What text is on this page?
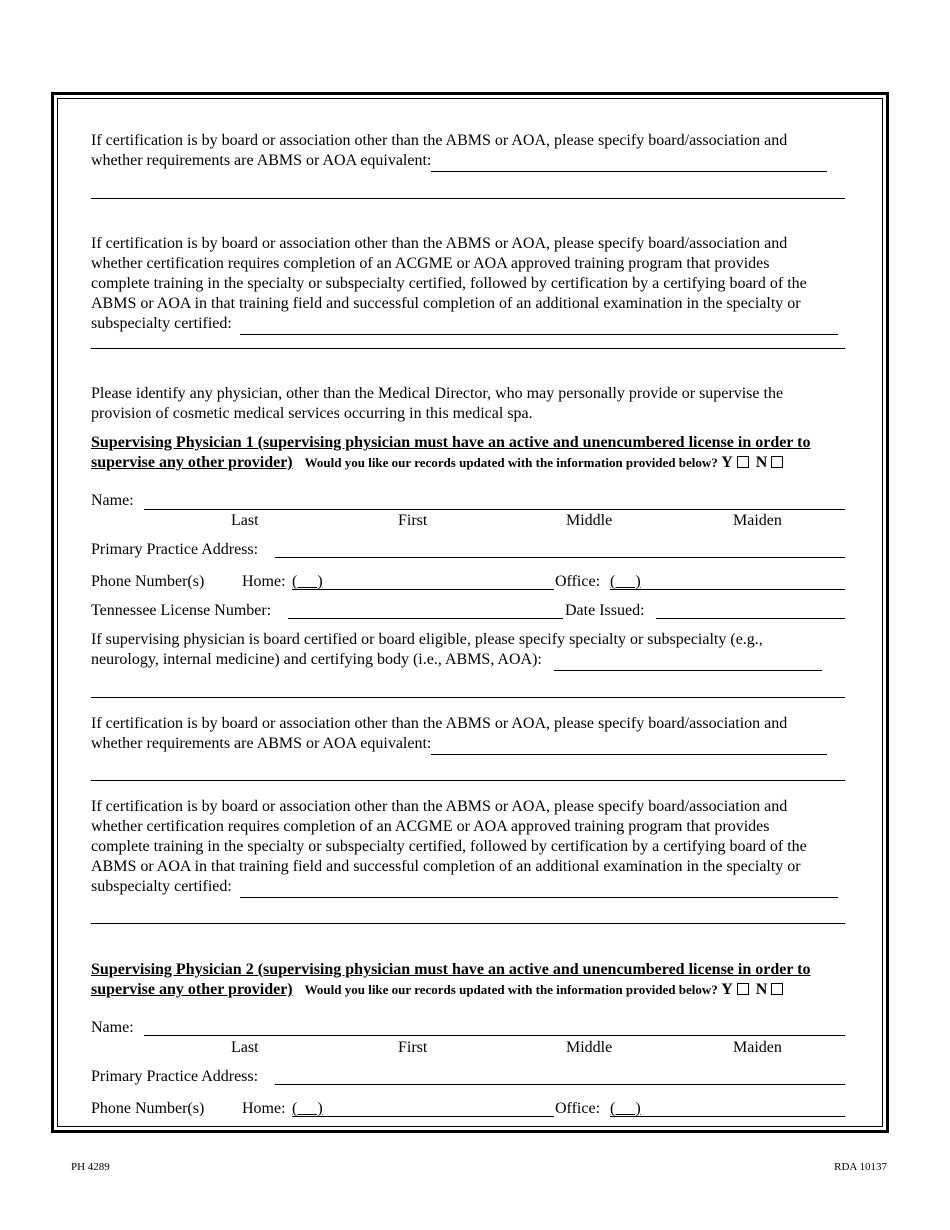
If certification is by board or association other than the ABMS or AOA, please specify board/association and
whether requirements are ABMS or AOA equivalent:
If certification is by board or association other than the ABMS or AOA, please specify board/association and
whether certification requires completion of an ACGME or AOA approved training program that provides
complete training in the specialty or subspecialty certified, followed by certification by a certifying board of the
ABMS or AOA in that training field and successful completion of an additional examination in the specialty or
subspecialty certified:
Please identify any physician, other than the Medical Director, who may personally provide or supervise the
provision of cosmetic medical services occurring in this medical spa.
Supervising Physician 1 (supervising physician must have an active and unencumbered license in order to
supervise any other provider) Would you like our records updated with the information provided below? Y N
Name:
Last	First	Middle	Maiden
Primary Practice Address:
Phone Number(s) Home: (     )	Office: (     )
Tennessee License Number:	Date Issued:
If supervising physician is board certified or board eligible, please specify specialty or subspecialty (e.g.,
neurology, internal medicine) and certifying body (i.e., ABMS, AOA):
If certification is by board or association other than the ABMS or AOA, please specify board/association and
whether requirements are ABMS or AOA equivalent:
If certification is by board or association other than the ABMS or AOA, please specify board/association and
whether certification requires completion of an ACGME or AOA approved training program that provides
complete training in the specialty or subspecialty certified, followed by certification by a certifying board of the
ABMS or AOA in that training field and successful completion of an additional examination in the specialty or
subspecialty certified:
Supervising Physician 2 (supervising physician must have an active and unencumbered license in order to
supervise any other provider) Would you like our records updated with the information provided below? Y N
Name:
Last	First	Middle	Maiden
Primary Practice Address:
Phone Number(s) Home: (     )	Office: (     )
PH 4289	RDA 10137
